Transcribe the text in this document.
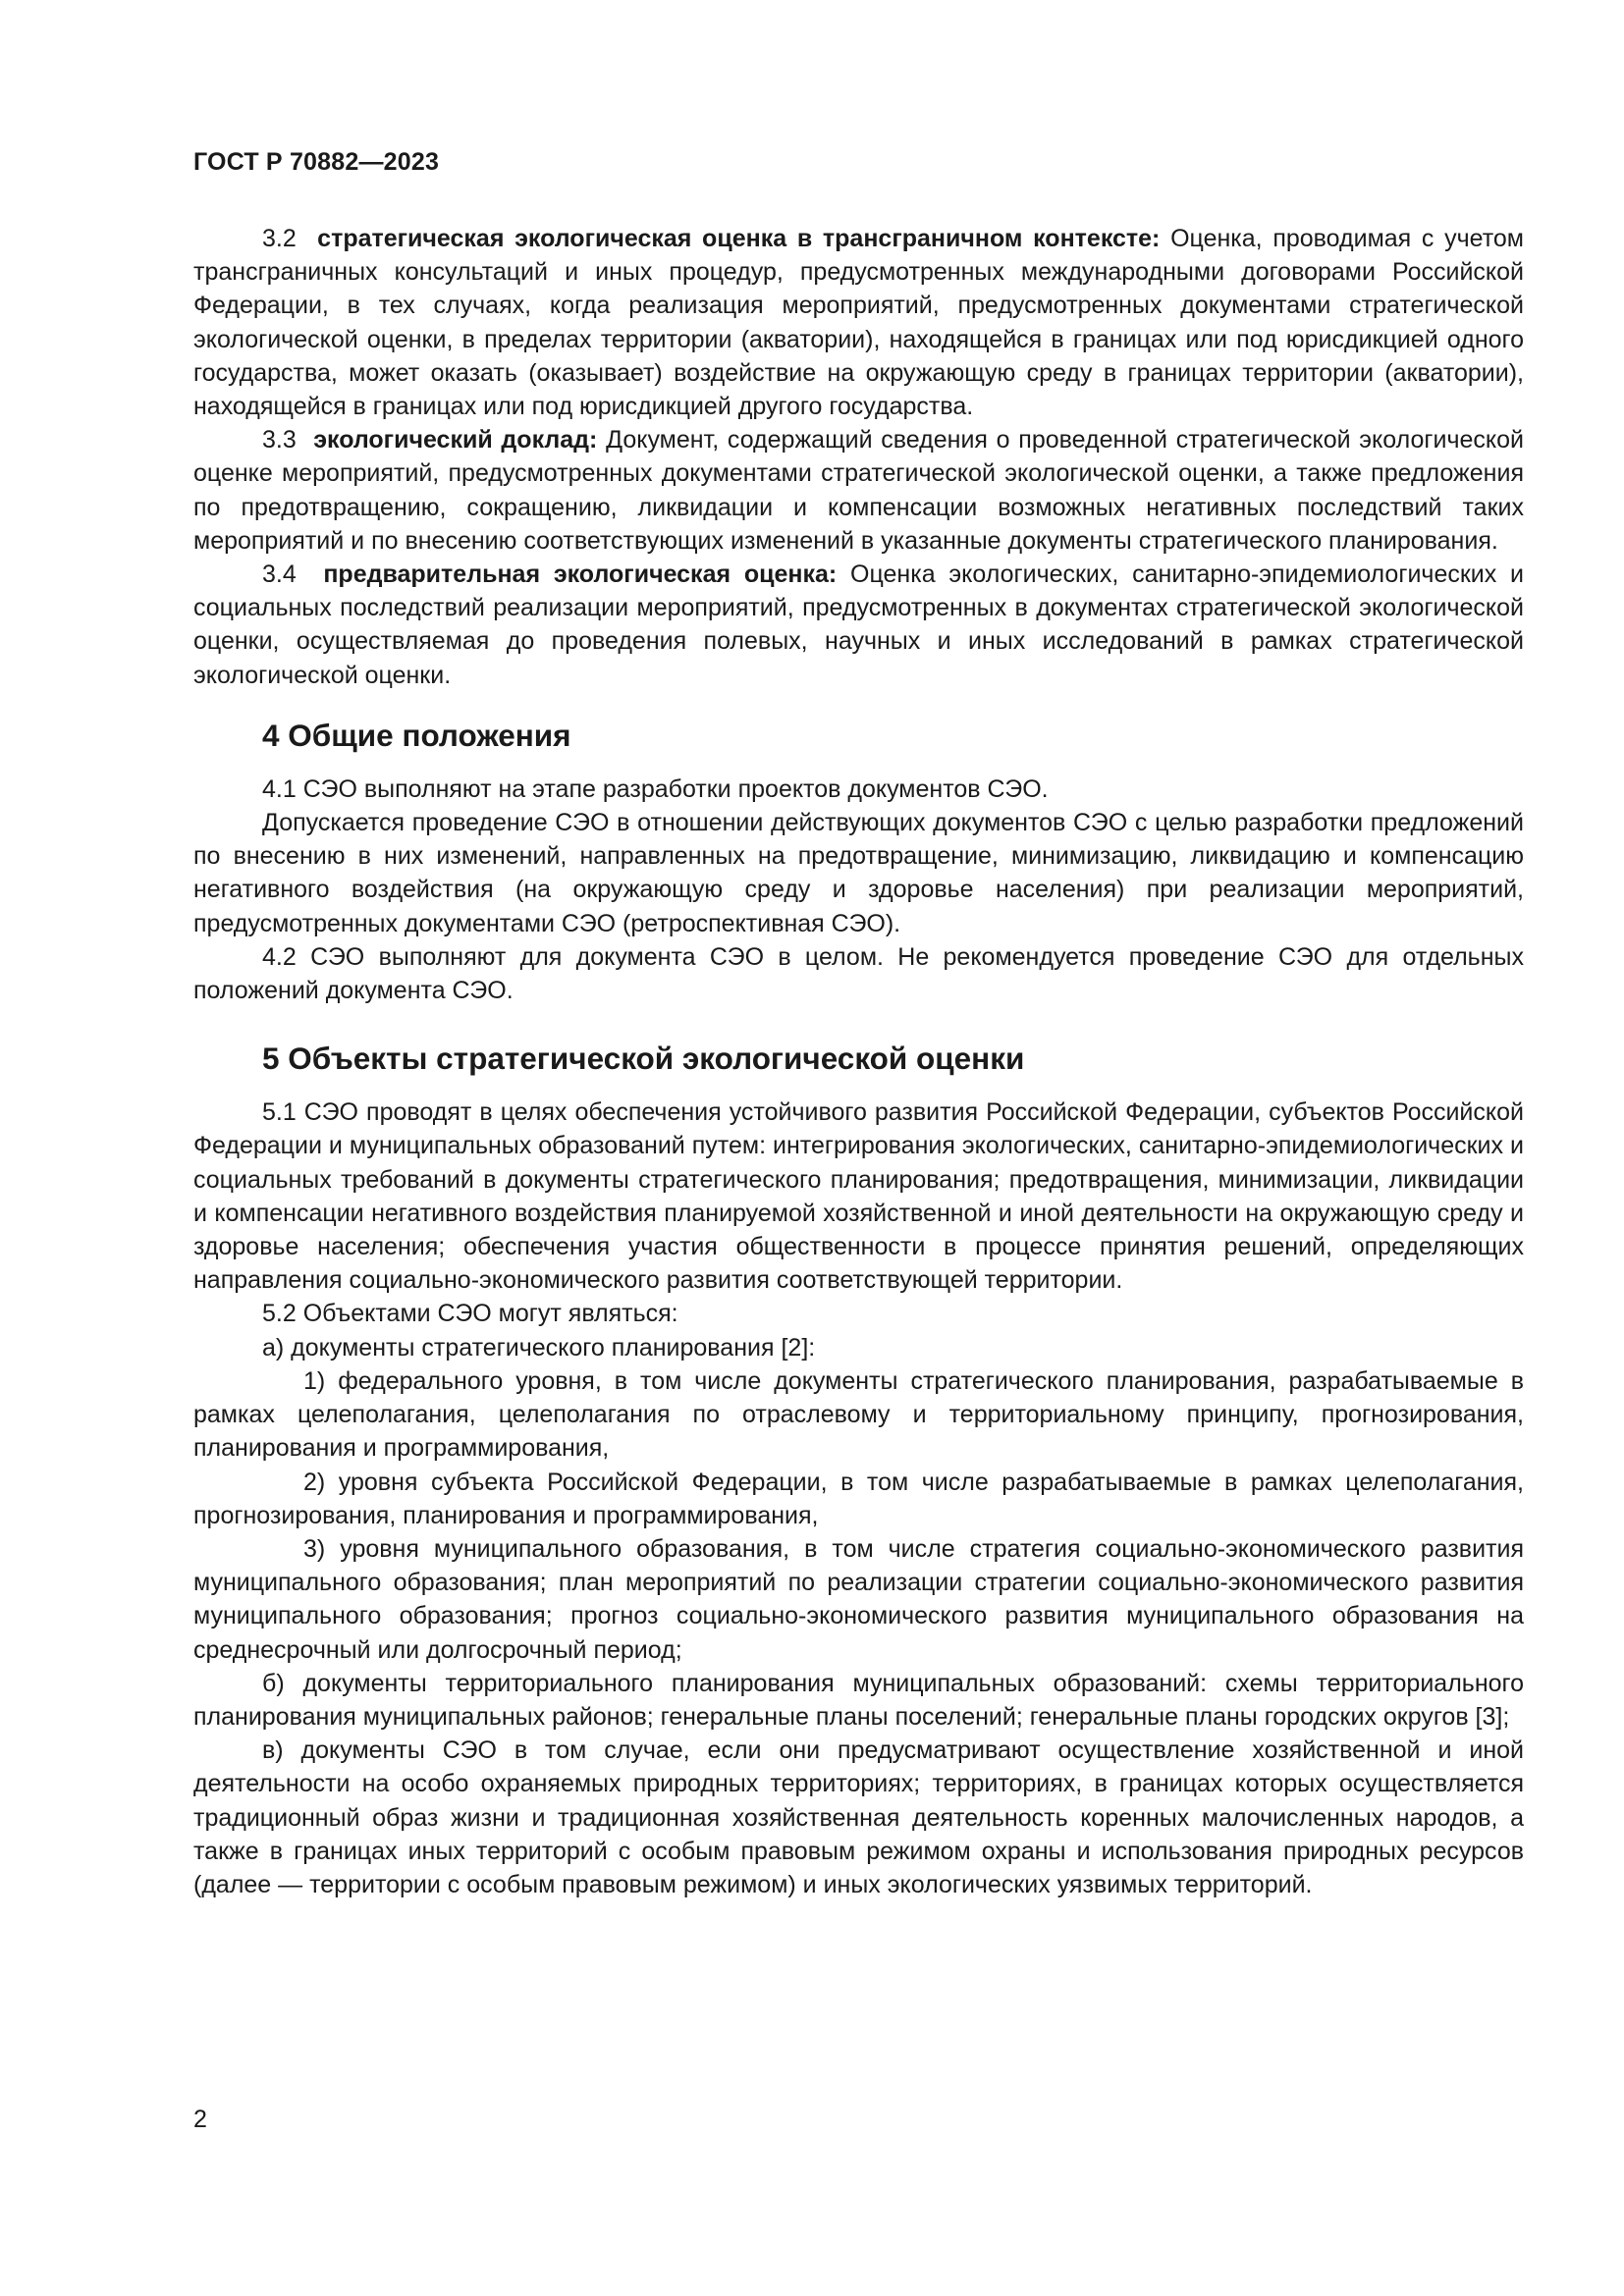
ГОСТ Р 70882—2023

3.2 стратегическая экологическая оценка в трансграничном контексте: Оценка, проводимая с учетом трансграничных консультаций и иных процедур, предусмотренных международными договорами Российской Федерации, в тех случаях, когда реализация мероприятий, предусмотренных документами стратегической экологической оценки, в пределах территории (акватории), находящейся в границах или под юрисдикцией одного государства, может оказать (оказывает) воздействие на окружающую среду в границах территории (акватории), находящейся в границах или под юрисдикцией другого государства.

3.3 экологический доклад: Документ, содержащий сведения о проведенной стратегической экологической оценке мероприятий, предусмотренных документами стратегической экологической оценки, а также предложения по предотвращению, сокращению, ликвидации и компенсации возможных негативных последствий таких мероприятий и по внесению соответствующих изменений в указанные документы стратегического планирования.

3.4 предварительная экологическая оценка: Оценка экологических, санитарно-эпидемиологических и социальных последствий реализации мероприятий, предусмотренных в документах стратегической экологической оценки, осуществляемая до проведения полевых, научных и иных исследований в рамках стратегической экологической оценки.

4 Общие положения

4.1 СЭО выполняют на этапе разработки проектов документов СЭО.

Допускается проведение СЭО в отношении действующих документов СЭО с целью разработки предложений по внесению в них изменений, направленных на предотвращение, минимизацию, ликвидацию и компенсацию негативного воздействия (на окружающую среду и здоровье населения) при реализации мероприятий, предусмотренных документами СЭО (ретроспективная СЭО).

4.2 СЭО выполняют для документа СЭО в целом. Не рекомендуется проведение СЭО для отдельных положений документа СЭО.

5 Объекты стратегической экологической оценки

5.1 СЭО проводят в целях обеспечения устойчивого развития Российской Федерации, субъектов Российской Федерации и муниципальных образований путем: интегрирования экологических, санитарно-эпидемиологических и социальных требований в документы стратегического планирования; предотвращения, минимизации, ликвидации и компенсации негативного воздействия планируемой хозяйственной и иной деятельности на окружающую среду и здоровье населения; обеспечения участия общественности в процессе принятия решений, определяющих направления социально-экономического развития соответствующей территории.

5.2 Объектами СЭО могут являться:

а) документы стратегического планирования [2]:

1) федерального уровня, в том числе документы стратегического планирования, разрабатываемые в рамках целеполагания, целеполагания по отраслевому и территориальному принципу, прогнозирования, планирования и программирования,

2) уровня субъекта Российской Федерации, в том числе разрабатываемые в рамках целеполагания, прогнозирования, планирования и программирования,

3) уровня муниципального образования, в том числе стратегия социально-экономического развития муниципального образования; план мероприятий по реализации стратегии социально-экономического развития муниципального образования; прогноз социально-экономического развития муниципального образования на среднесрочный или долгосрочный период;

б) документы территориального планирования муниципальных образований: схемы территориального планирования муниципальных районов; генеральные планы поселений; генеральные планы городских округов [3];

в) документы СЭО в том случае, если они предусматривают осуществление хозяйственной и иной деятельности на особо охраняемых природных территориях; территориях, в границах которых осуществляется традиционный образ жизни и традиционная хозяйственная деятельность коренных малочисленных народов, а также в границах иных территорий с особым правовым режимом охраны и использования природных ресурсов (далее — территории с особым правовым режимом) и иных экологических уязвимых территорий.

2
